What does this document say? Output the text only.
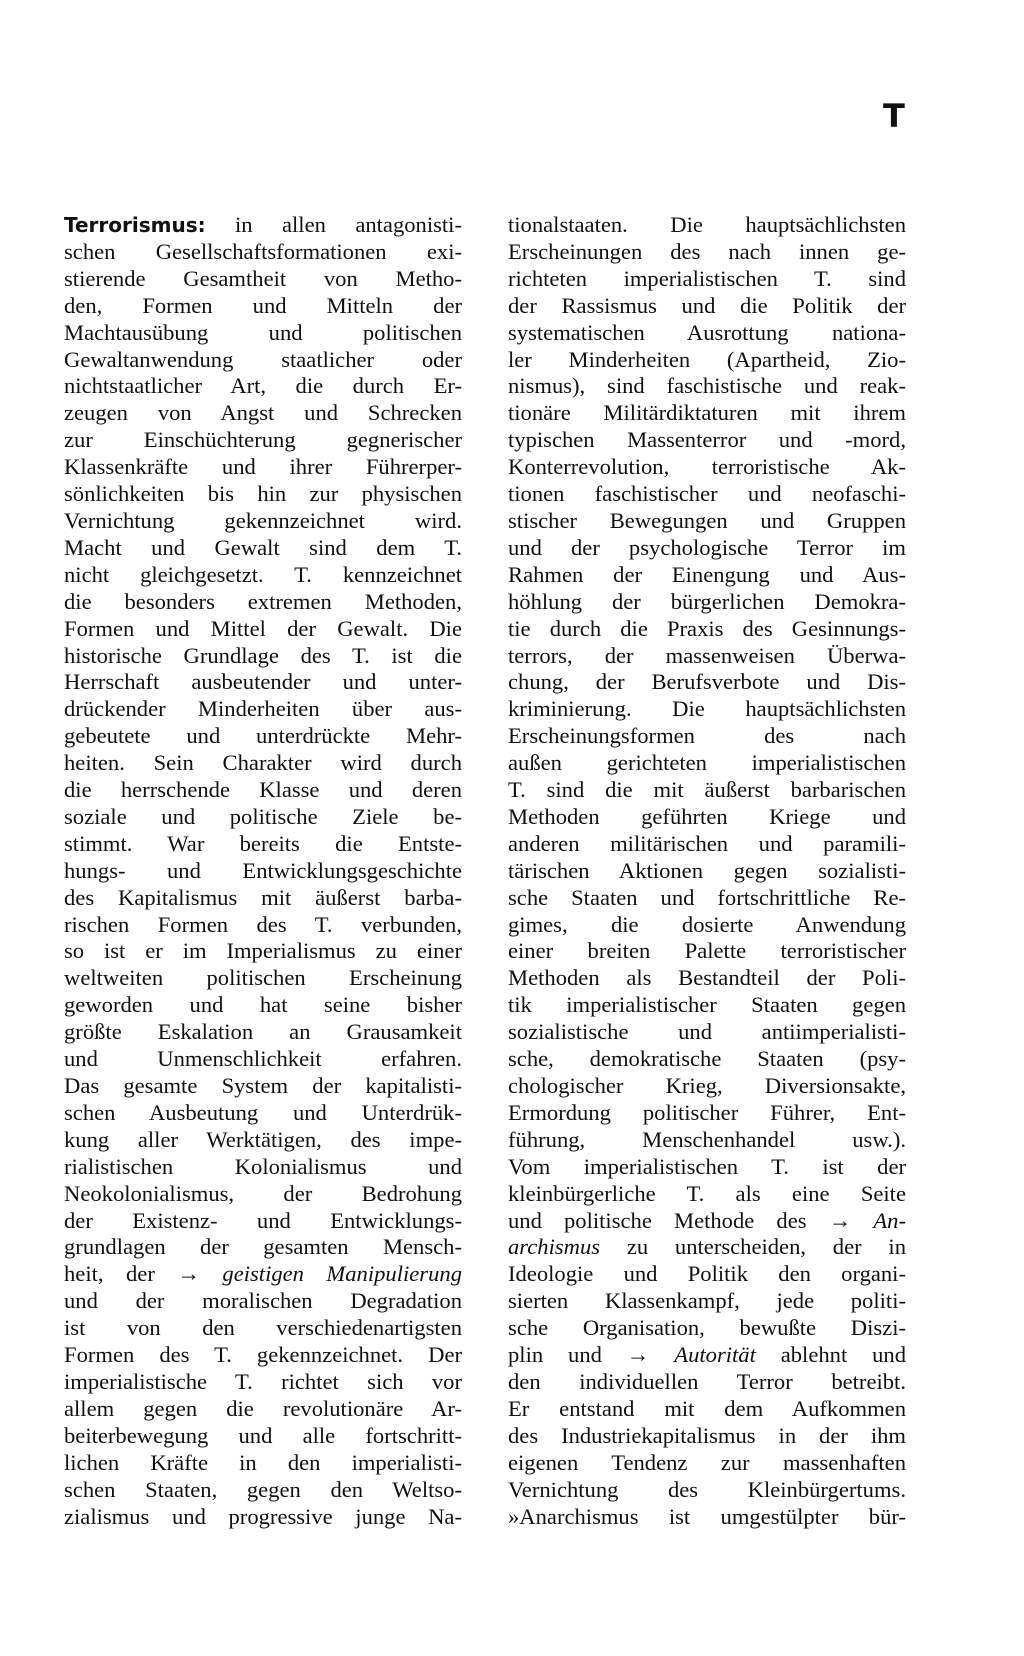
T
Terrorismus: in allen antagonisti-
schen Gesellschaftsformationen exi-
stierende Gesamtheit von Metho-
den, Formen und Mitteln der
Machtausübung und politischen
Gewaltanwendung staatlicher oder
nichtstaatlicher Art, die durch Er-
zeugen von Angst und Schrecken
zur Einschüchterung gegnerischer
Klassenkräfte und ihrer Führerper-
sönlichkeiten bis hin zur physischen
Vernichtung gekennzeichnet wird.
Macht und Gewalt sind dem T.
nicht gleichgesetzt. T. kennzeichnet
die besonders extremen Methoden,
Formen und Mittel der Gewalt. Die
historische Grundlage des T. ist die
Herrschaft ausbeutender und unter-
drückender Minderheiten über aus-
gebeutete und unterdrückte Mehr-
heiten. Sein Charakter wird durch
die herrschende Klasse und deren
soziale und politische Ziele be-
stimmt. War bereits die Entste-
hungs- und Entwicklungsgeschichte
des Kapitalismus mit äußerst barba-
rischen Formen des T. verbunden,
so ist er im Imperialismus zu einer
weltweiten politischen Erscheinung
geworden und hat seine bisher
größte Eskalation an Grausamkeit
und Unmenschlichkeit erfahren.
Das gesamte System der kapitalisti-
schen Ausbeutung und Unterdrük-
kung aller Werktätigen, des impe-
rialistischen Kolonialismus und
Neokolonialismus, der Bedrohung
der Existenz- und Entwicklungs-
grundlagen der gesamten Mensch-
heit, der → geistigen Manipulierung
und der moralischen Degradation
ist von den verschiedenartigsten
Formen des T. gekennzeichnet. Der
imperialistische T. richtet sich vor
allem gegen die revolutionäre Ar-
beiterbewegung und alle fortschritt-
lichen Kräfte in den imperialisti-
schen Staaten, gegen den Weltso-
zialismus und progressive junge Na-
tionalstaaten. Die hauptsächlichsten
Erscheinungen des nach innen ge-
richteten imperialistischen T. sind
der Rassismus und die Politik der
systematischen Ausrottung nationa-
ler Minderheiten (Apartheid, Zio-
nismus), sind faschistische und reak-
tionäre Militärdiktaturen mit ihrem
typischen Massenterror und -mord,
Konterrevolution, terroristische Ak-
tionen faschistischer und neofaschi-
stischer Bewegungen und Gruppen
und der psychologische Terror im
Rahmen der Einengung und Aus-
höhlung der bürgerlichen Demokra-
tie durch die Praxis des Gesinnungs-
terrors, der massenweisen Überwa-
chung, der Berufsverbote und Dis-
kriminierung. Die hauptsächlichsten
Erscheinungsformen des nach
außen gerichteten imperialistischen
T. sind die mit äußerst barbarischen
Methoden geführten Kriege und
anderen militärischen und paramili-
tärischen Aktionen gegen sozialisti-
sche Staaten und fortschrittliche Re-
gimes, die dosierte Anwendung
einer breiten Palette terroristischer
Methoden als Bestandteil der Poli-
tik imperialistischer Staaten gegen
sozialistische und antiimperialisti-
sche, demokratische Staaten (psy-
chologischer Krieg, Diversionsakte,
Ermordung politischer Führer, Ent-
führung, Menschenhandel usw.).
Vom imperialistischen T. ist der
kleinbürgerliche T. als eine Seite
und politische Methode des → An-
archismus zu unterscheiden, der in
Ideologie und Politik den organi-
sierten Klassenkampf, jede politi-
sche Organisation, bewußte Diszi-
plin und → Autorität ablehnt und
den individuellen Terror betreibt.
Er entstand mit dem Aufkommen
des Industriekapitalismus in der ihm
eigenen Tendenz zur massenhaften
Vernichtung des Kleinbürgertums.
»Anarchismus ist umgestülpter bür-
